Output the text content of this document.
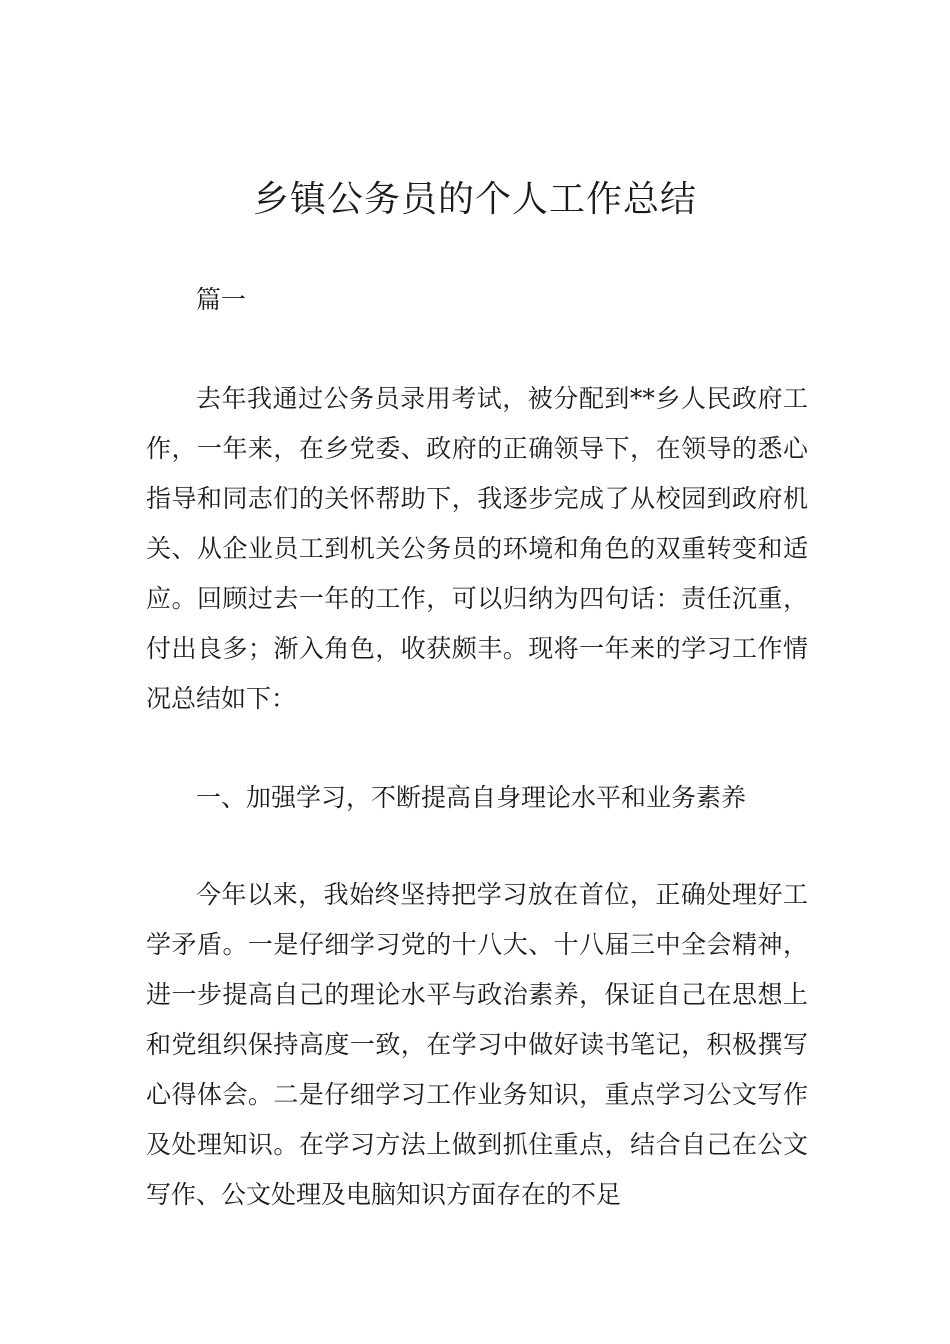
乡镇公务员的个人工作总结

篇一

去年我通过公务员录用考试，被分配到**乡人民政府工作，一年来，在乡党委、政府的正确领导下，在领导的悉心指导和同志们的关怀帮助下，我逐步完成了从校园到政府机关、从企业员工到机关公务员的环境和角色的双重转变和适应。回顾过去一年的工作，可以归纳为四句话：责任沉重，付出良多；渐入角色，收获颇丰。现将一年来的学习工作情况总结如下：

一、加强学习，不断提高自身理论水平和业务素养

今年以来，我始终坚持把学习放在首位，正确处理好工学矛盾。一是仔细学习党的十八大、十八届三中全会精神，进一步提高自己的理论水平与政治素养，保证自己在思想上和党组织保持高度一致，在学习中做好读书笔记，积极撰写心得体会。二是仔细学习工作业务知识，重点学习公文写作及处理知识。在学习方法上做到抓住重点，结合自己在公文写作、公文处理及电脑知识方面存在的不足
